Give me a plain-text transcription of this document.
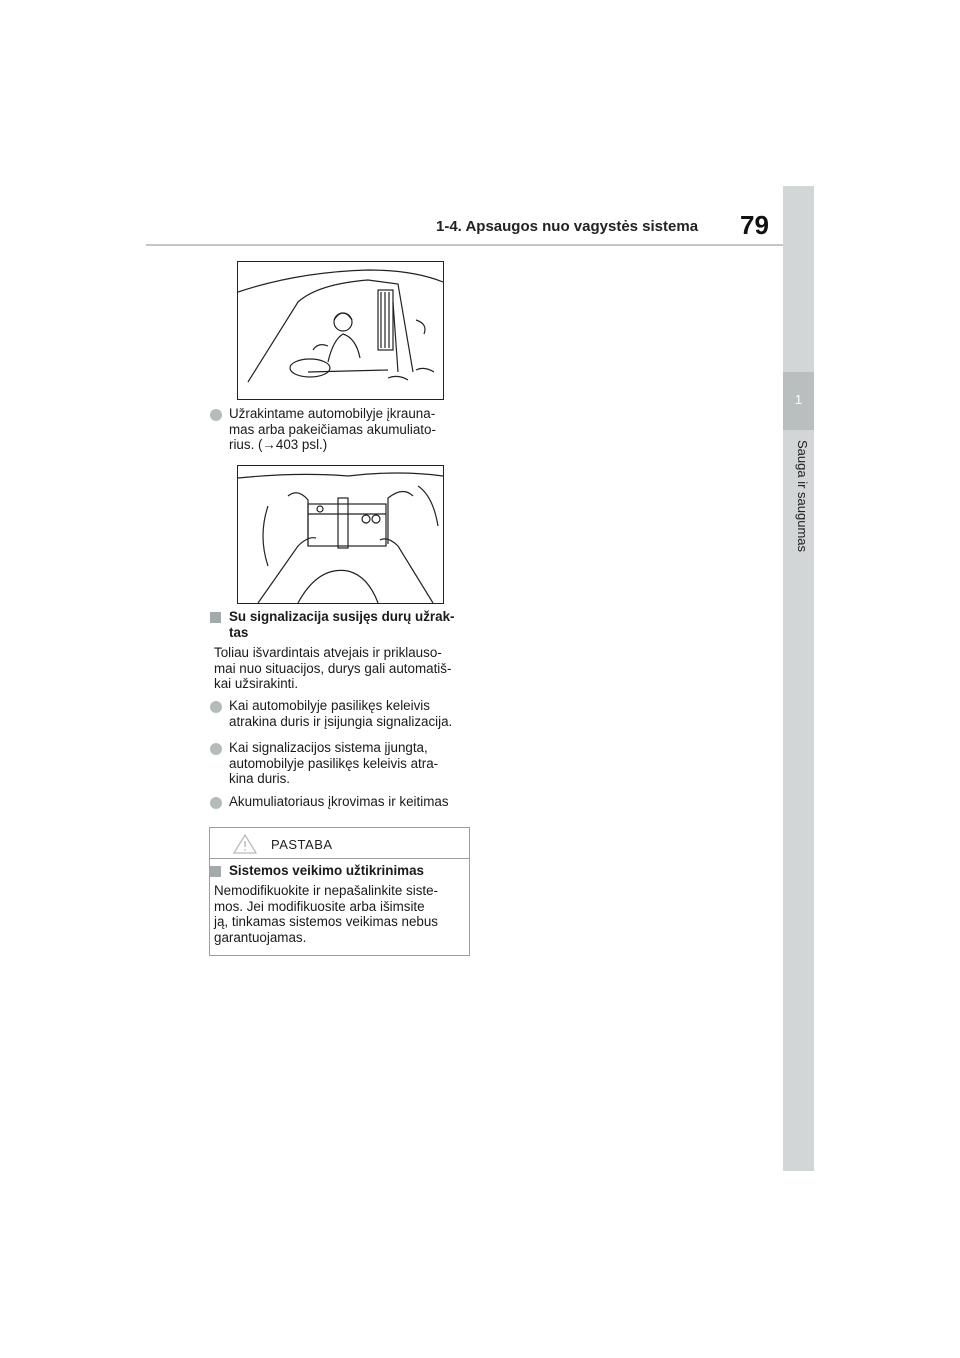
1-4. Apsaugos nuo vagystės sistema 79
1
Sauga ir saugumas
Užrakintame automobilyje įkrauna-
mas arba pakeičiamas akumuliato-
rius. (→403 psl.)
Su signalizacija susijęs durų užrak-
tas
Toliau išvardintais atvejais ir priklauso-
mai nuo situacijos, durys gali automatiš-
kai užsirakinti.
Kai automobilyje pasilikęs keleivis
atrakina duris ir įsijungia signalizacija.
Kai signalizacijos sistema įjungta,
automobilyje pasilikęs keleivis atra-
kina duris.
Akumuliatoriaus įkrovimas ir keitimas
PASTABA
Sistemos veikimo užtikrinimas
Nemodifikuokite ir nepašalinkite siste-
mos. Jei modifikuosite arba išimsite
ją, tinkamas sistemos veikimas nebus
garantuojamas.
